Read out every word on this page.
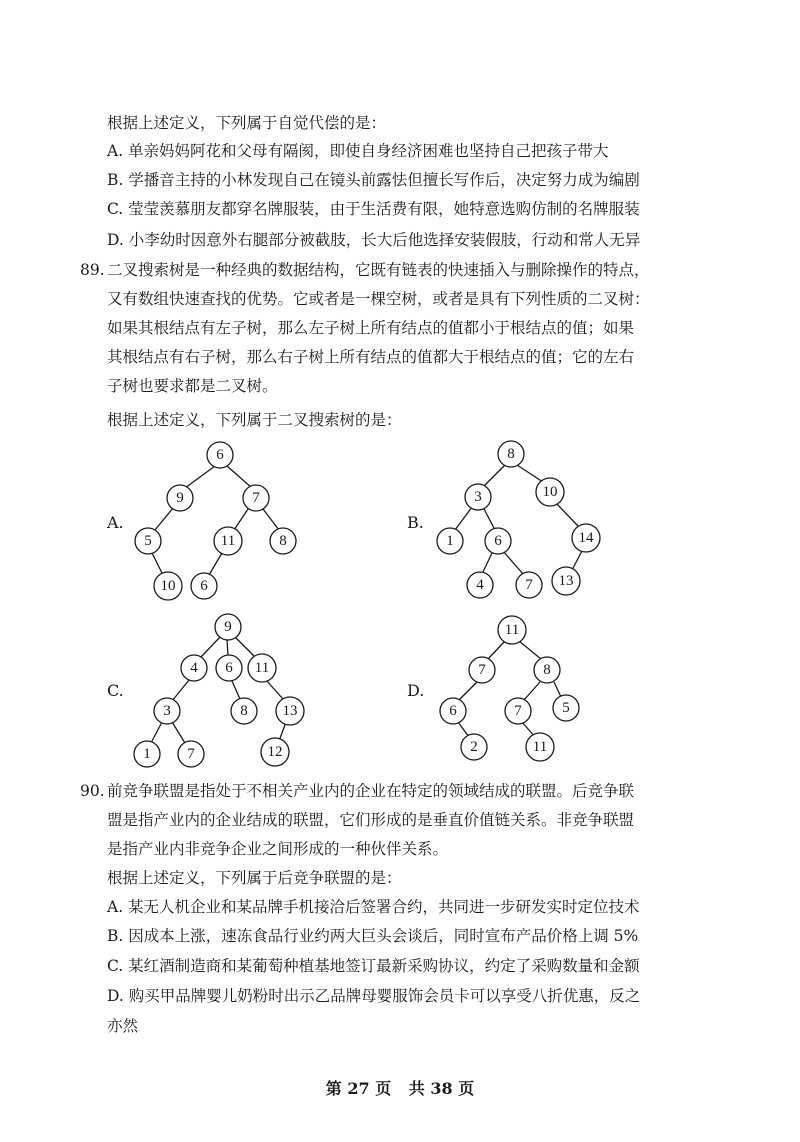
根据上述定义，下列属于自觉代偿的是：
A. 单亲妈妈阿花和父母有隔阂，即使自身经济困难也坚持自己把孩子带大
B. 学播音主持的小林发现自己在镜头前露怯但擅长写作后，决定努力成为编剧
C. 莹莹羡慕朋友都穿名牌服装，由于生活费有限，她特意选购仿制的名牌服装
D. 小李幼时因意外右腿部分被截肢，长大后他选择安装假肢，行动和常人无异
89. 二叉搜索树是一种经典的数据结构，它既有链表的快速插入与删除操作的特点，
又有数组快速查找的优势。它或者是一棵空树，或者是具有下列性质的二叉树：
如果其根结点有左子树，那么左子树上所有结点的值都小于根结点的值；如果
其根结点有右子树，那么右子树上所有结点的值都大于根结点的值；它的左右
子树也要求都是二叉树。
根据上述定义，下列属于二叉搜索树的是：
A.	B.
C.	D.
6
9	7
5	11	8
10 6
8
3	10
1	6	14
4	7 13
9
4 6 11
3	8 13
1 7	12
11
7	8
6	7	5
2	11
90. 前竞争联盟是指处于不相关产业内的企业在特定的领域结成的联盟。后竞争联
盟是指产业内的企业结成的联盟，它们形成的是垂直价值链关系。非竞争联盟
是指产业内非竞争企业之间形成的一种伙伴关系。
根据上述定义，下列属于后竞争联盟的是：
A. 某无人机企业和某品牌手机接洽后签署合约，共同进一步研发实时定位技术
B. 因成本上涨，速冻食品行业约两大巨头会谈后，同时宣布产品价格上调 5%
C. 某红酒制造商和某葡萄种植基地签订最新采购协议，约定了采购数量和金额
D. 购买甲品牌婴儿奶粉时出示乙品牌母婴服饰会员卡可以享受八折优惠，反之
亦然
第 27 页 共 38 页
